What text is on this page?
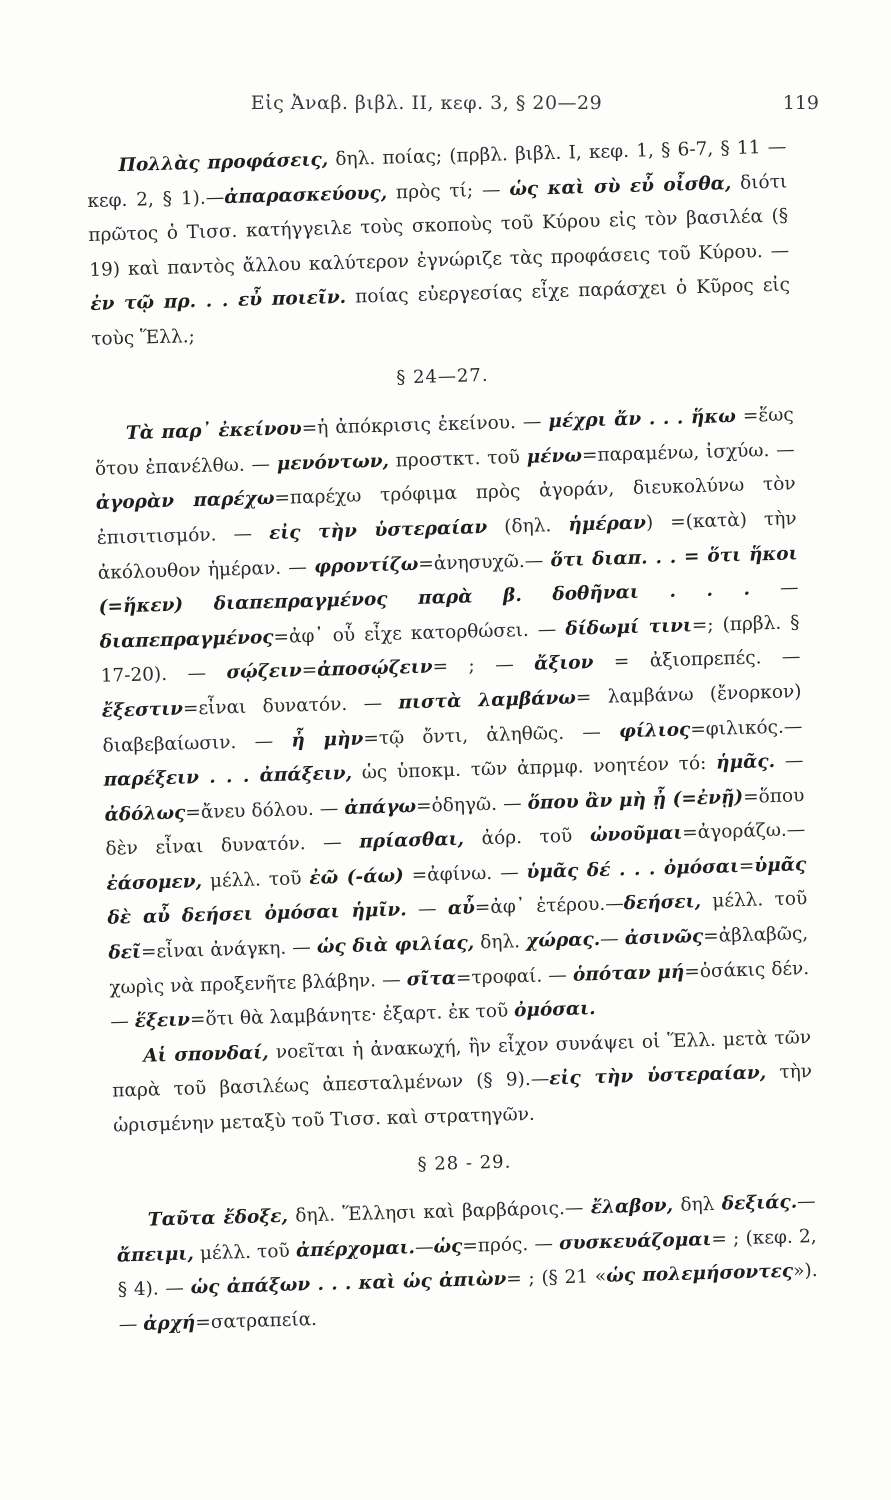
Εἰς Ἀναβ. βιβλ. ΙΙ, κεφ. 3, § 20—29	119

Πολλὰς προφάσεις, δηλ. ποίας; (πρβλ. βιβλ. Ι, κεφ. 1, § 6-7, § 11 —κεφ. 2, § 1).—ἀπαρασκεύους, πρὸς τί; — ὡς καὶ σὺ εὖ οἶσθα, διότι πρῶτος ὁ Τισσ. κατήγγειλε τοὺς σκοποὺς τοῦ Κύρου εἰς τὸν βασιλέα (§ 19) καὶ παντὸς ἄλλου καλύτερον ἐγνώριζε τὰς προφάσεις τοῦ Κύρου. — ἐν τῷ πρ. . . εὖ ποιεῖν. ποίας εὐεργεσίας εἶχε παράσχει ὁ Κῦρος εἰς τοὺς Ἕλλ.;

§ 24—27.

Τὰ παρ᾽ ἐκείνου=ἡ ἀπόκρισις ἐκείνου. — μέχρι ἄν . . . ἥκω =ἕως ὅτου ἐπανέλθω. — μενόντων, προστκτ. τοῦ μένω=παραμένω, ἰσχύω. — ἀγορὰν παρέχω=παρέχω τρόφιμα πρὸς ἀγοράν, διευκολύνω τὸν ἐπισιτισμόν. — εἰς τὴν ὑστεραίαν (δηλ. ἡμέραν) =(κατὰ) τὴν ἀκόλουθον ἡμέραν. — φροντίζω=ἀνησυχῶ.— ὅτι διαπ. . . = ὅτι ἥκοι (=ἥκεν) διαπεπραγμένος παρὰ β. δοθῆναι . . . — διαπεπραγμένος=ἀφ᾽ οὗ εἶχε κατορθώσει. — δίδωμί τινι=; (πρβλ. § 17-20). — σῴζειν=ἀποσῴζειν= ; — ἄξιον = ἀξιοπρεπές. — ἔξεστιν=εἶναι δυνατόν. — πιστὰ λαμβάνω= λαμβάνω (ἔνορκον) διαβεβαίωσιν. — ἦ μὴν=τῷ ὄντι, ἀληθῶς. — φίλιος=φιλικός.—παρέξειν . . . ἀπάξειν, ὡς ὑποκμ. τῶν ἀπρμφ. νοητέον τό: ἡμᾶς. — ἀδόλως=ἄνευ δόλου. — ἀπάγω=ὁδηγῶ. — ὅπου ἂν μὴ ᾖ (=ἐνῇ)=ὅπου δὲν εἶναι δυνατόν. — πρίασθαι, ἀόρ. τοῦ ὠνοῦμαι=ἀγοράζω.— ἐάσομεν, μέλλ. τοῦ ἐῶ (-άω) =ἀφίνω. — ὑμᾶς δέ . . . ὀμόσαι=ὑμᾶς δὲ αὖ δεήσει ὀμόσαι ἡμῖν. — αὖ=ἀφ᾽ ἑτέρου.—δεήσει, μέλλ. τοῦ δεῖ=εἶναι ἀνάγκη. — ὡς διὰ φιλίας, δηλ. χώρας.— ἀσινῶς=ἀβλαβῶς, χωρὶς νὰ προξενῆτε βλάβην. — σῖτα=τροφαί. — ὁπόταν μή=ὁσάκις δέν. — ἕξειν=ὅτι θὰ λαμβάνητε· ἐξαρτ. ἐκ τοῦ ὀμόσαι.

Αἱ σπονδαί, νοεῖται ἡ ἀνακωχή, ἣν εἶχον συνάψει οἱ Ἕλλ. μετὰ τῶν παρὰ τοῦ βασιλέως ἀπεσταλμένων (§ 9).—εἰς τὴν ὑστεραίαν, τὴν ὡρισμένην μεταξὺ τοῦ Τισσ. καὶ στρατηγῶν.

§ 28 - 29.

Ταῦτα ἔδοξε, δηλ. Ἕλλησι καὶ βαρβάροις.— ἔλαβον, δηλ δεξιάς.—ἄπειμι, μέλλ. τοῦ ἀπέρχομαι.—ὡς=πρός. — συσκευάζομαι= ; (κεφ. 2, § 4). — ὡς ἀπάξων . . . καὶ ὡς ἀπιὼν= ; (§ 21 «ὡς πολεμήσοντες»).— ἀρχή=σατραπεία.
